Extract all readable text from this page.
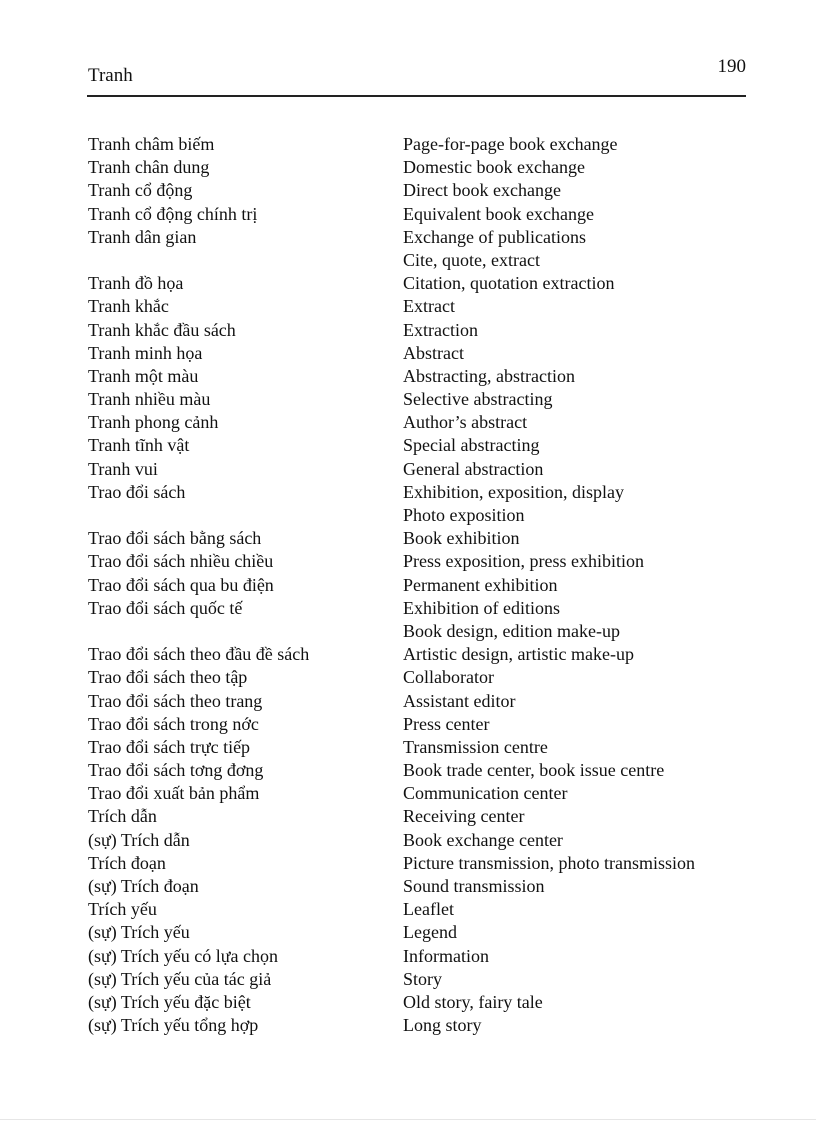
Tranh	190
Tranh châm biếm
Tranh chân dung
Tranh cổ động
Tranh cổ động chính trị
Tranh dân gian
Tranh đồ họa
Tranh khắc
Tranh khắc đầu sách
Tranh minh họa
Tranh một màu
Tranh nhiều màu
Tranh phong cảnh
Tranh tĩnh vật
Tranh vui
Trao đổi sách
Trao đổi sách bằng sách
Trao đổi sách nhiều chiều
Trao đổi sách qua bu điện
Trao đổi sách quốc tế
Trao đổi sách theo đầu đề sách
Trao đổi sách theo tập
Trao đổi sách theo trang
Trao đổi sách trong nớc
Trao đổi sách trực tiếp
Trao đổi sách tơng đơng
Trao đổi xuất bản phẩm
Trích dẫn
(sự) Trích dẫn
Trích đoạn
(sự) Trích đoạn
Trích yếu
(sự) Trích yếu
(sự) Trích yếu có lựa chọn
(sự) Trích yếu của tác giả
(sự) Trích yếu đặc biệt
(sự) Trích yếu tổng hợp
Page-for-page book exchange
Domestic book exchange
Direct book exchange
Equivalent book exchange
Exchange of publications
Cite, quote, extract
Citation, quotation extraction
Extract
Extraction
Abstract
Abstracting, abstraction
Selective abstracting
Author’s abstract
Special abstracting
General abstraction
Exhibition, exposition, display
Photo exposition
Book exhibition
Press exposition, press exhibition
Permanent exhibition
Exhibition of editions
Book design, edition make-up
Artistic design, artistic make-up
Collaborator
Assistant editor
Press center
Transmission centre
Book trade center, book issue centre
Communication center
Receiving center
Book exchange center
Picture transmission, photo transmission
Sound transmission
Leaflet
Legend
Information
Story
Old story, fairy tale
Long story
